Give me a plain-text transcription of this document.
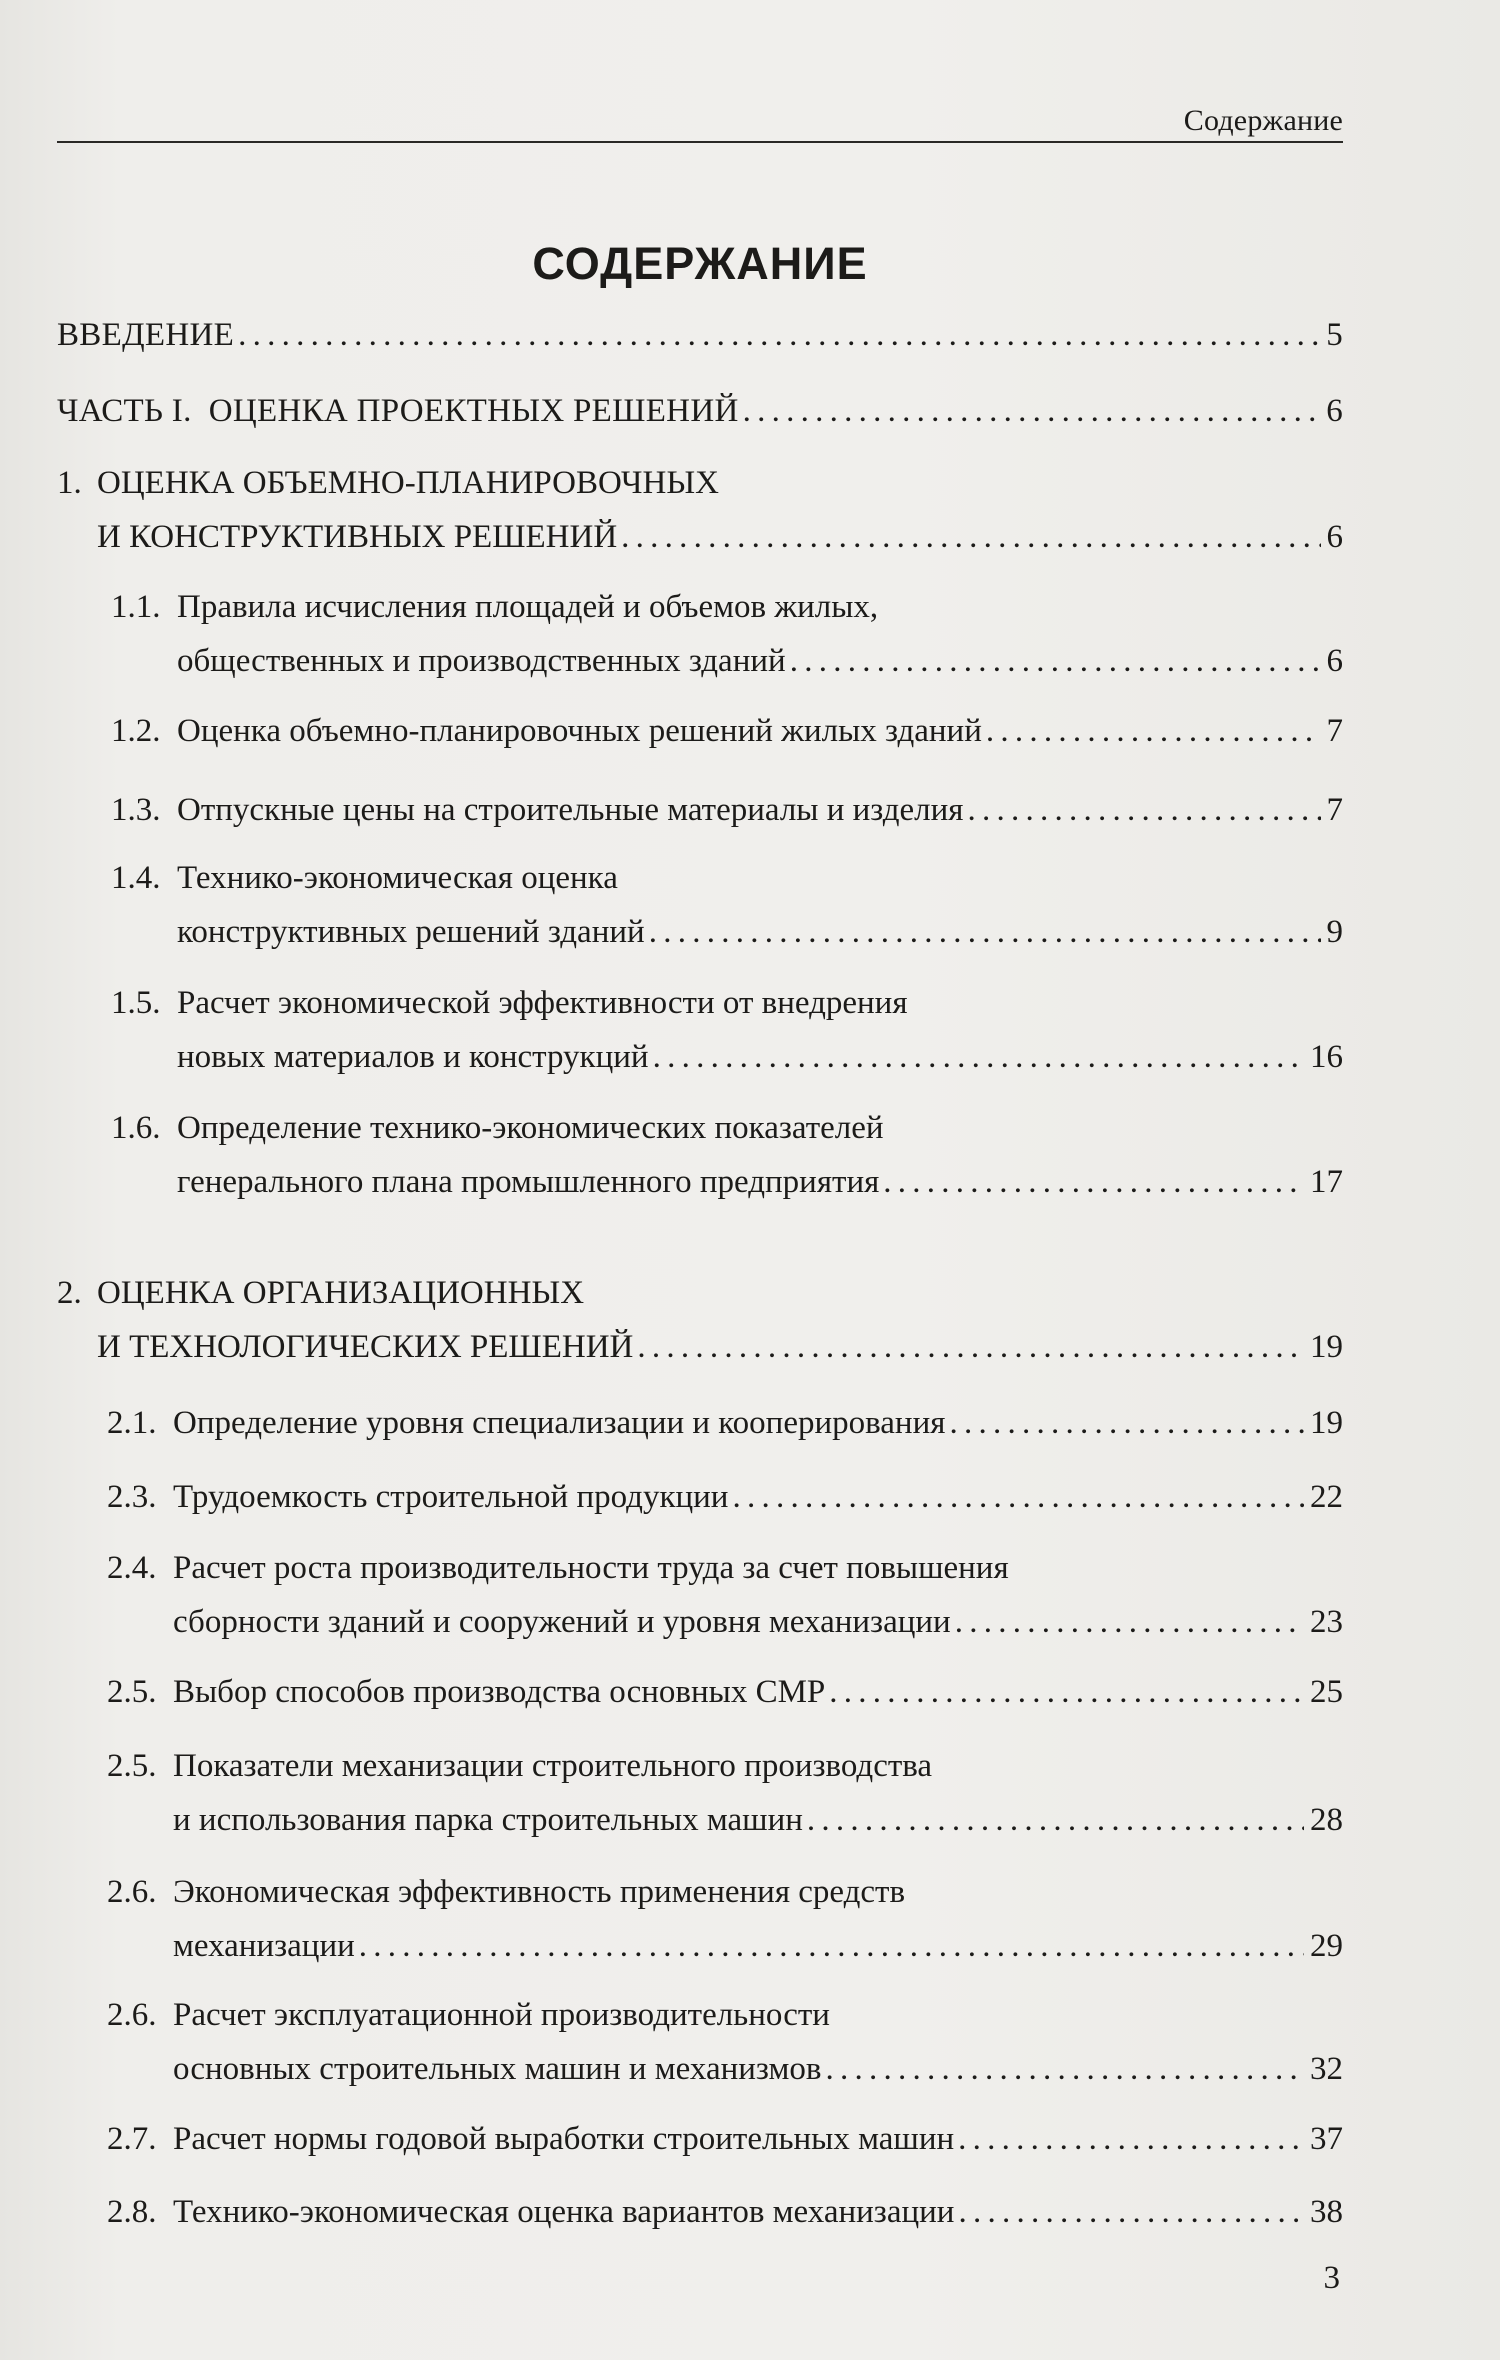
Содержание
СОДЕРЖАНИЕ
ВВЕДЕНИЕ . . .	5
ЧАСТЬ I.  ОЦЕНКА ПРОЕКТНЫХ РЕШЕНИЙ . . .	6
1. ОЦЕНКА ОБЪЕМНО-ПЛАНИРОВОЧНЫХ
И КОНСТРУКТИВНЫХ РЕШЕНИЙ . . .	6
1.1. Правила исчисления площадей и объемов жилых,
общественных и производственных зданий . . .	6
1.2. Оценка объемно-планировочных решений жилых зданий . . .	7
1.3. Отпускные цены на строительные материалы и изделия . . .	7
1.4. Технико-экономическая оценка
конструктивных решений зданий . . .	9
1.5. Расчет экономической эффективности от внедрения
новых материалов и конструкций . . .	16
1.6. Определение технико-экономических показателей
генерального плана промышленного предприятия . . .	17
2. ОЦЕНКА ОРГАНИЗАЦИОННЫХ
И ТЕХНОЛОГИЧЕСКИХ РЕШЕНИЙ . . .	19
2.1. Определение уровня специализации и кооперирования . . .	19
2.3. Трудоемкость строительной продукции . . .	22
2.4. Расчет роста производительности труда за счет повышения
сборности зданий и сооружений и уровня механизации . . .	23
2.5. Выбор способов производства основных СМР . . .	25
2.5. Показатели механизации строительного производства
и использования парка строительных машин . . .	28
2.6. Экономическая эффективность применения средств
механизации . . .	29
2.6. Расчет эксплуатационной производительности
основных строительных машин и механизмов . . .	32
2.7. Расчет нормы годовой выработки строительных машин . . .	37
2.8. Технико-экономическая оценка вариантов механизации . . .	38
3
